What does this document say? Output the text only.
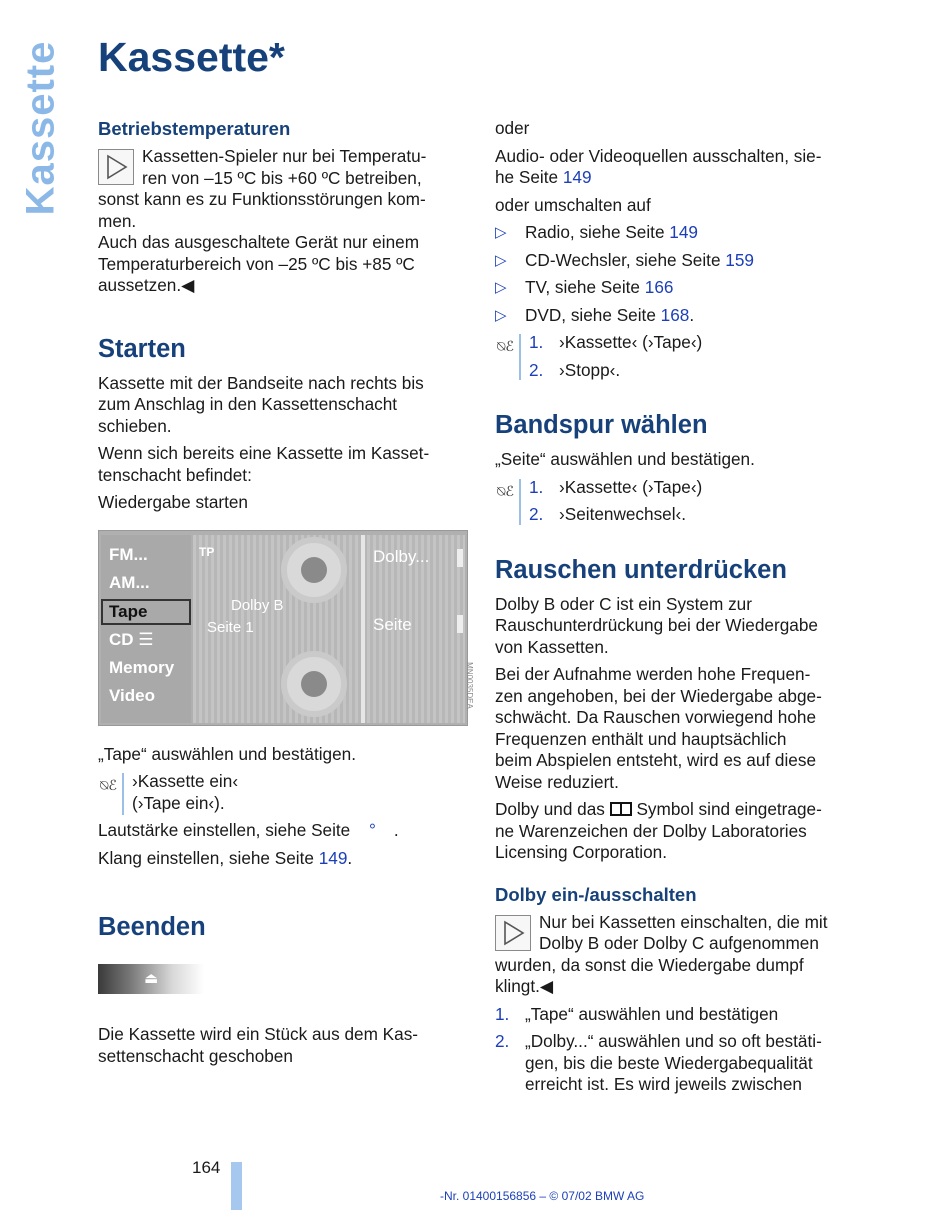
Kassette Kassette*
Betriebstemperaturen

Kassetten-Spieler nur bei Temperatu-

ren von –15 ºC bis +60 ºC betreiben,

sonst kann es zu Funktionsstörungen kom-

men.

Auch das ausgeschaltete Gerät nur einem

Temperaturbereich von –25 ºC bis +85 ºC

aussetzen.◀

Starten

Kassette mit der Bandseite nach rechts bis

zum Anschlag in den Kassettenschacht

schieben.

Wenn sich bereits eine Kassette im Kasset-

tenschacht befindet:

Wiedergabe starten

FM...
AM...
Tape
CD ☰
Memory
Video
TP
Dolby B
Seite 1
Dolby...
Seite
MN0035DEA

„Tape“ auswählen und bestätigen.

⍉ℰ ›Kassette ein‹

(›Tape ein‹).

Lautstärke einstellen, siehe Seite ° .

Klang einstellen, siehe Seite 149.

Beenden
⏏

Die Kassette wird ein Stück aus dem Kas-

settenschacht geschoben

oder

Audio- oder Videoquellen ausschalten, sie-

he Seite 149

oder umschalten auf

▷ Radio, siehe Seite 149
▷ CD-Wechsler, siehe Seite 159
▷ TV, siehe Seite 166
▷ DVD, siehe Seite 168.
⍉ℰ 1. ›Kassette‹ (›Tape‹)
2. ›Stopp‹.
Bandspur wählen

„Seite“ auswählen und bestätigen.

⍉ℰ 1. ›Kassette‹ (›Tape‹)
2. ›Seitenwechsel‹.
Rauschen unterdrücken

Dolby B oder C ist ein System zur

Rauschunterdrückung bei der Wiedergabe

von Kassetten.

Bei der Aufnahme werden hohe Frequen-

zen angehoben, bei der Wiedergabe abge-

schwächt. Da Rauschen vorwiegend hohe

Frequenzen enthält und hauptsächlich

beim Abspielen entsteht, wird es auf diese

Weise reduziert.

Dolby und das Symbol sind eingetrage-

ne Warenzeichen der Dolby Laboratories

Licensing Corporation.

Dolby ein-/ausschalten

Nur bei Kassetten einschalten, die mit

Dolby B oder Dolby C aufgenommen

wurden, da sonst die Wiedergabe dumpf

klingt.◀

1. „Tape“ auswählen und bestätigen
2. „Dolby...“ auswählen und so oft bestäti-
gen, bis die beste Wiedergabequalität
erreicht ist. Es wird jeweils zwischen
164
-Nr. 01400156856 – © 07/02 BMW AG
